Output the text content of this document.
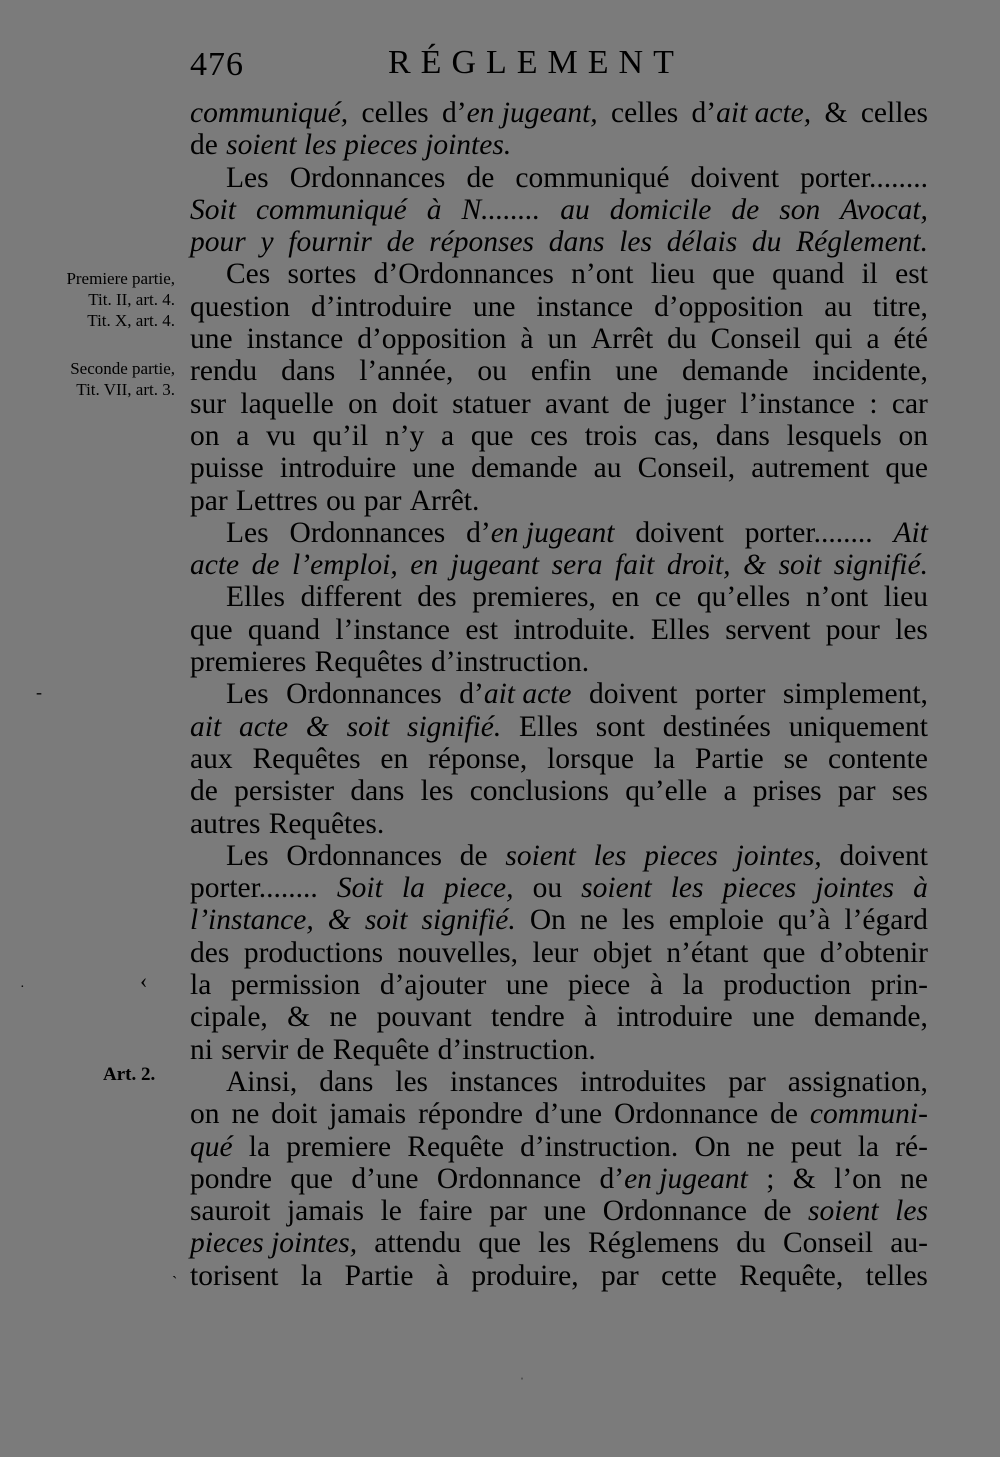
476	RÉGLEMENT
Premiere partie,
Tit. II, art. 4.
Tit. X, art. 4.
Seconde partie,
Tit. VII, art. 3.
Art. 2.
-
‹
·
ˎ
ˈ
communiqué, celles d’en jugeant, celles d’ait acte, & celles
de soient les pieces jointes.
Les Ordonnances de communiqué doivent porter........
Soit communiqué à N........ au domicile de son Avocat,
pour y fournir de réponses dans les délais du Réglement.
Ces sortes d’Ordonnances n’ont lieu que quand il est
question d’introduire une instance d’opposition au titre,
une instance d’opposition à un Arrêt du Conseil qui a été
rendu dans l’année, ou enfin une demande incidente,
sur laquelle on doit statuer avant de juger l’instance : car
on a vu qu’il n’y a que ces trois cas, dans lesquels on
puisse introduire une demande au Conseil, autrement que
par Lettres ou par Arrêt.
Les Ordonnances d’en jugeant doivent porter........ Ait
acte de l’emploi, en jugeant sera fait droit, & soit signifié.
Elles different des premieres, en ce qu’elles n’ont lieu
que quand l’instance est introduite. Elles servent pour les
premieres Requêtes d’instruction.
Les Ordonnances d’ait acte doivent porter simplement,
ait acte & soit signifié. Elles sont destinées uniquement
aux Requêtes en réponse, lorsque la Partie se contente
de persister dans les conclusions qu’elle a prises par ses
autres Requêtes.
Les Ordonnances de soient les pieces jointes, doivent
porter........ Soit la piece, ou soient les pieces jointes à
l’instance, & soit signifié. On ne les emploie qu’à l’égard
des productions nouvelles, leur objet n’étant que d’obtenir
la permission d’ajouter une piece à la production prin-
cipale, & ne pouvant tendre à introduire une demande,
ni servir de Requête d’instruction.
Ainsi, dans les instances introduites par assignation,
on ne doit jamais répondre d’une Ordonnance de communi-
qué la premiere Requête d’instruction. On ne peut la ré-
pondre que d’une Ordonnance d’en jugeant ; & l’on ne
sauroit jamais le faire par une Ordonnance de soient les
pieces jointes, attendu que les Réglemens du Conseil au-
torisent la Partie à produire, par cette Requête, telles
